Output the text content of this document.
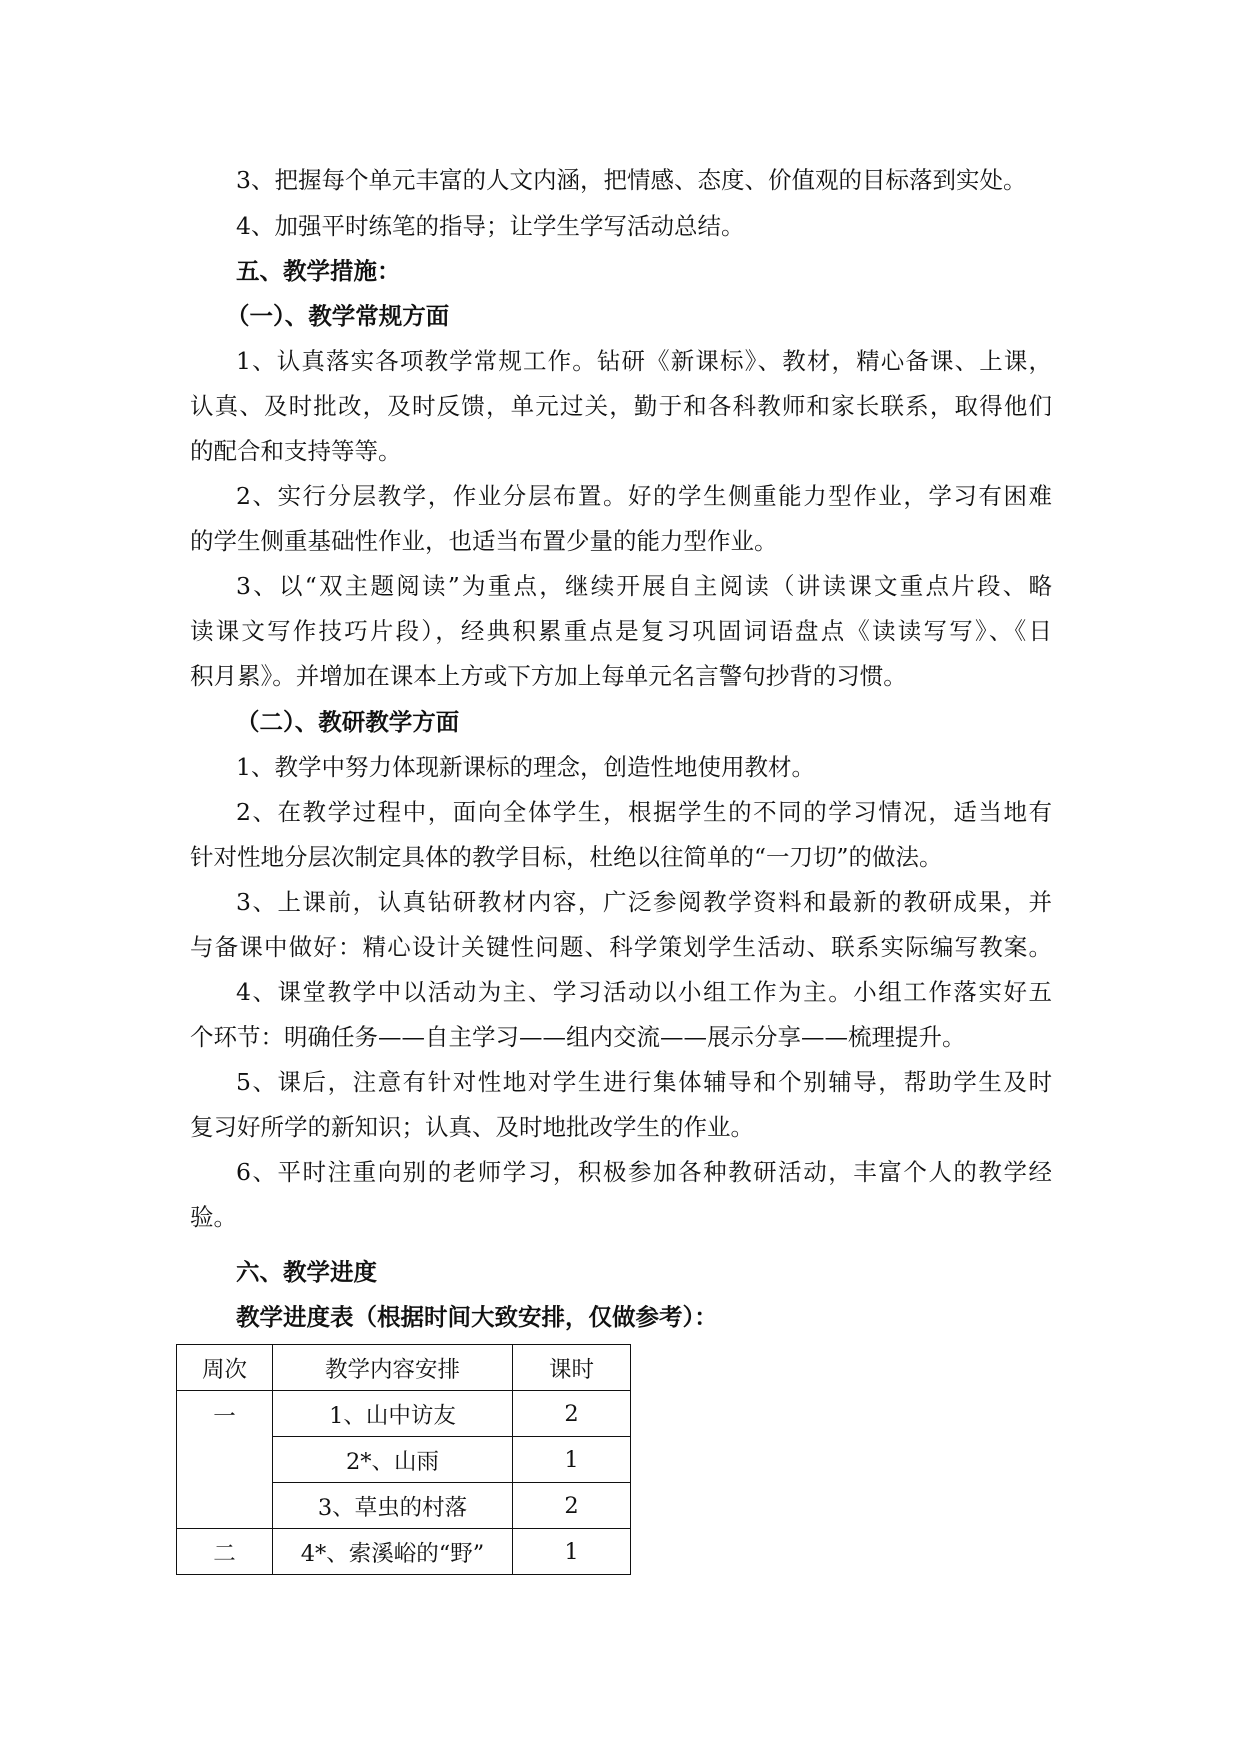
3、把握每个单元丰富的人文内涵，把情感、态度、价值观的目标落到实处。
4、加强平时练笔的指导；让学生学写活动总结。
五、教学措施：
（一）、教学常规方面
1、认真落实各项教学常规工作。钻研《新课标》、教材，精心备课、上课，
认真、及时批改，及时反馈，单元过关，勤于和各科教师和家长联系，取得他们
的配合和支持等等。
2、实行分层教学，作业分层布置。好的学生侧重能力型作业，学习有困难
的学生侧重基础性作业，也适当布置少量的能力型作业。
3、以“双主题阅读”为重点，继续开展自主阅读（讲读课文重点片段、略
读课文写作技巧片段），经典积累重点是复习巩固词语盘点《读读写写》、《日
积月累》。并增加在课本上方或下方加上每单元名言警句抄背的习惯。
（二）、教研教学方面
1、教学中努力体现新课标的理念，创造性地使用教材。
2、在教学过程中，面向全体学生，根据学生的不同的学习情况，适当地有
针对性地分层次制定具体的教学目标，杜绝以往简单的“一刀切”的做法。
3、上课前，认真钻研教材内容，广泛参阅教学资料和最新的教研成果，并
与备课中做好：精心设计关键性问题、科学策划学生活动、联系实际编写教案。
4、课堂教学中以活动为主、学习活动以小组工作为主。小组工作落实好五
个环节：明确任务——自主学习——组内交流——展示分享——梳理提升。
5、课后，注意有针对性地对学生进行集体辅导和个别辅导，帮助学生及时
复习好所学的新知识；认真、及时地批改学生的作业。
6、平时注重向别的老师学习，积极参加各种教研活动，丰富个人的教学经
验。
六、教学进度
教学进度表（根据时间大致安排，仅做参考）：
周次	教学内容安排	课时
一	1、山中访友	2
	2*、山雨	1
	3、草虫的村落	2
二	4*、索溪峪的“野”	1
